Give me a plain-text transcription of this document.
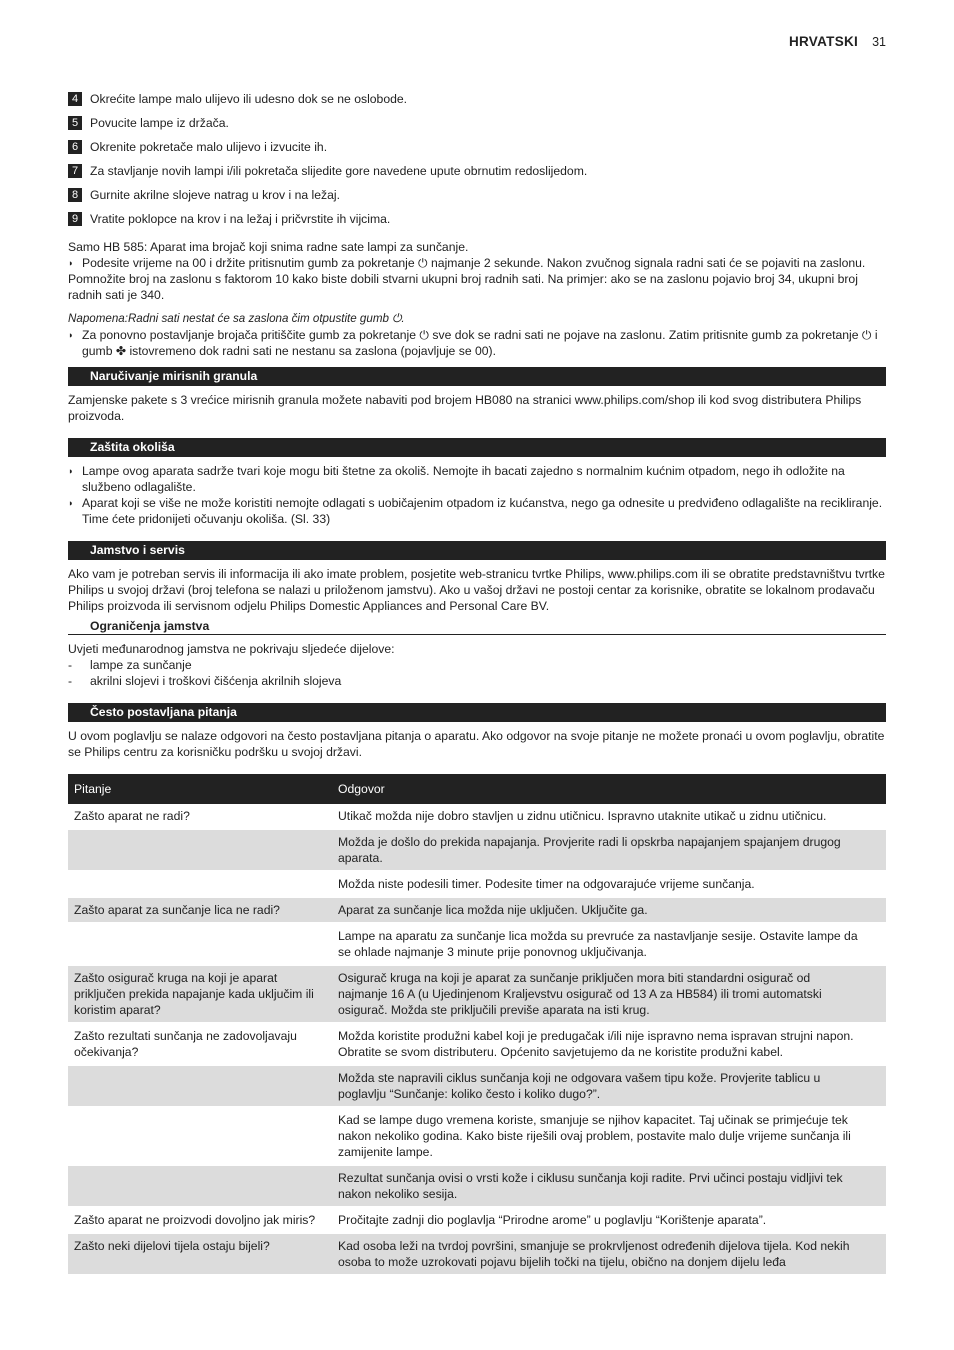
HRVATSKI 31
4 Okrećite lampe malo ulijevo ili udesno dok se ne oslobode.
5 Povucite lampe iz držača.
6 Okrenite pokretače malo ulijevo i izvucite ih.
7 Za stavljanje novih lampi i/ili pokretača slijedite gore navedene upute obrnutim redoslijedom.
8 Gurnite akrilne slojeve natrag u krov i na ležaj.
9 Vratite poklopce na krov i na ležaj i pričvrstite ih vijcima.

Samo HB 585: Aparat ima brojač koji snima radne sate lampi za sunčanje.

◗ Podesite vrijeme na 00 i držite pritisnutim gumb za pokretanje ⏻ najmanje 2 sekunde. Nakon zvučnog signala radni sati će se pojaviti na zaslonu.

Pomnožite broj na zaslonu s faktorom 10 kako biste dobili stvarni ukupni broj radnih sati. Na primjer: ako se na zaslonu pojavio broj 34, ukupni broj radnih sati je 340.

Napomena:Radni sati nestat će sa zaslona čim otpustite gumb ⏻.

◗ Za ponovno postavljanje brojača pritiščite gumb za pokretanje ⏻ sve dok se radni sati ne pojave na zaslonu. Zatim pritisnite gumb za pokretanje ⏻ i gumb ✤ istovremeno dok radni sati ne nestanu sa zaslona (pojavljuje se 00).
Naručivanje mirisnih granula

Zamjenske pakete s 3 vrećice mirisnih granula možete nabaviti pod brojem HB080 na stranici www.philips.com/shop ili kod svog distributera Philips proizvoda.

Zaštita okoliša
◗ Lampe ovog aparata sadrže tvari koje mogu biti štetne za okoliš. Nemojte ih bacati zajedno s normalnim kućnim otpadom, nego ih odložite na službeno odlagalište.
◗ Aparat koji se više ne može koristiti nemojte odlagati s uobičajenim otpadom iz kućanstva, nego ga odnesite u predviđeno odlagalište na recikliranje. Time ćete pridonijeti očuvanju okoliša. (Sl. 33)
Jamstvo i servis

Ako vam je potreban servis ili informacija ili ako imate problem, posjetite web-stranicu tvrtke Philips, www.philips.com ili se obratite predstavništvu tvrtke Philips u svojoj državi (broj telefona se nalazi u priloženom jamstvu). Ako u vašoj državi ne postoji centar za korisnike, obratite se lokalnom prodavaču Philips proizvoda ili servisnom odjelu Philips Domestic Appliances and Personal Care BV.

Ograničenja jamstva

Uvjeti međunarodnog jamstva ne pokrivaju sljedeće dijelove:

-	lampe za sunčanje
-	akrilni slojevi i troškovi čišćenja akrilnih slojeva
Često postavljana pitanja

U ovom poglavlju se nalaze odgovori na često postavljana pitanja o aparatu. Ako odgovor na svoje pitanje ne možete pronaći u ovom poglavlju, obratite se Philips centru za korisničku podršku u svojoj državi.

Pitanje	Odgovor
Zašto aparat ne radi?	Utikač možda nije dobro stavljen u zidnu utičnicu. Ispravno utaknite utikač u zidnu utičnicu.
	Možda je došlo do prekida napajanja. Provjerite radi li opskrba napajanjem spajanjem drugog aparata.
	Možda niste podesili timer. Podesite timer na odgovarajuće vrijeme sunčanja.
Zašto aparat za sunčanje lica ne radi?	Aparat za sunčanje lica možda nije uključen. Uključite ga.
	Lampe na aparatu za sunčanje lica možda su prevruće za nastavljanje sesije. Ostavite lampe da se ohlade najmanje 3 minute prije ponovnog uključivanja.
Zašto osigurač kruga na koji je aparat priključen prekida napajanje kada uključim ili koristim aparat?	Osigurač kruga na koji je aparat za sunčanje priključen mora biti standardni osigurač od najmanje 16 A (u Ujedinjenom Kraljevstvu osigurač od 13 A za HB584) ili tromi automatski osigurač. Možda ste priključili previše aparata na isti krug.
Zašto rezultati sunčanja ne zadovoljavaju očekivanja?	Možda koristite produžni kabel koji je predugačak i/ili nije ispravno nema ispravan strujni napon. Obratite se svom distributeru. Općenito savjetujemo da ne koristite produžni kabel.
	Možda ste napravili ciklus sunčanja koji ne odgovara vašem tipu kože. Provjerite tablicu u poglavlju “Sunčanje: koliko često i koliko dugo?”.
	Kad se lampe dugo vremena koriste, smanjuje se njihov kapacitet. Taj učinak se primjećuje tek nakon nekoliko godina. Kako biste riješili ovaj problem, postavite malo dulje vrijeme sunčanja ili zamijenite lampe.
	Rezultat sunčanja ovisi o vrsti kože i ciklusu sunčanja koji radite. Prvi učinci postaju vidljivi tek nakon nekoliko sesija.
Zašto aparat ne proizvodi dovoljno jak miris?	Pročitajte zadnji dio poglavlja “Prirodne arome” u poglavlju “Korištenje aparata”.
Zašto neki dijelovi tijela ostaju bijeli?	Kad osoba leži na tvrdoj površini, smanjuje se prokrvljenost određenih dijelova tijela. Kod nekih osoba to može uzrokovati pojavu bijelih točki na tijelu, obično na donjem dijelu leđa
